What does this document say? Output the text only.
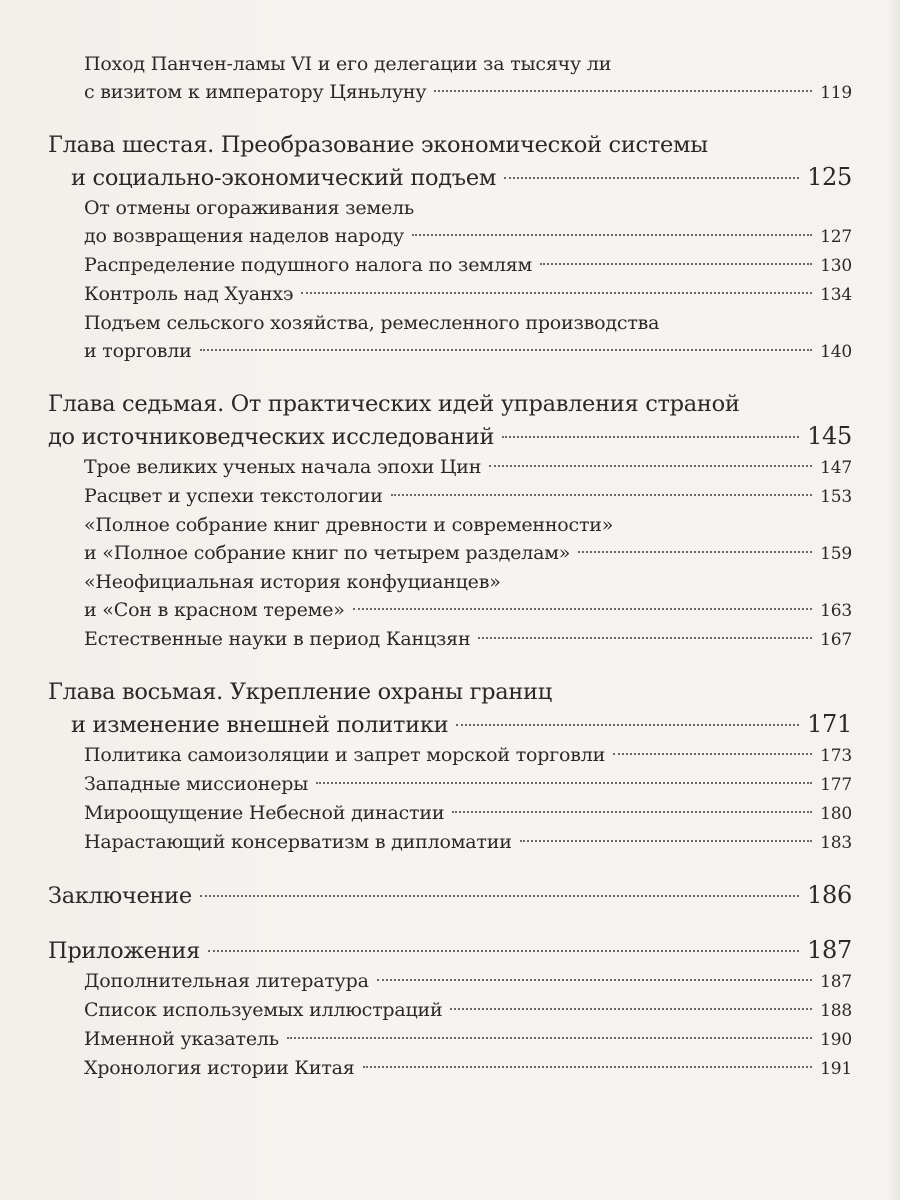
Поход Панчен-ламы VI и его делегации за тысячу ли
с визитом к императору Цяньлуну	119
Глава шестая. Преобразование экономической системы
и социально-экономический подъем	125
От отмены огораживания земель
до возвращения наделов народу	127
Распределение подушного налога по землям	130
Контроль над Хуанхэ	134
Подъем сельского хозяйства, ремесленного производства
и торговли	140
Глава седьмая. От практических идей управления страной
до источниковедческих исследований	145
Трое великих ученых начала эпохи Цин	147
Расцвет и успехи текстологии	153
«Полное собрание книг древности и современности»
и «Полное собрание книг по четырем разделам»	159
«Неофициальная история конфуцианцев»
и «Сон в красном тереме»	163
Естественные науки в период Канцзян	167
Глава восьмая. Укрепление охраны границ
и изменение внешней политики	171
Политика самоизоляции и запрет морской торговли	173
Западные миссионеры	177
Мироощущение Небесной династии	180
Нарастающий консерватизм в дипломатии	183
Заключение	186
Приложения	187
Дополнительная литература	187
Список используемых иллюстраций	188
Именной указатель	190
Хронология истории Китая	191
